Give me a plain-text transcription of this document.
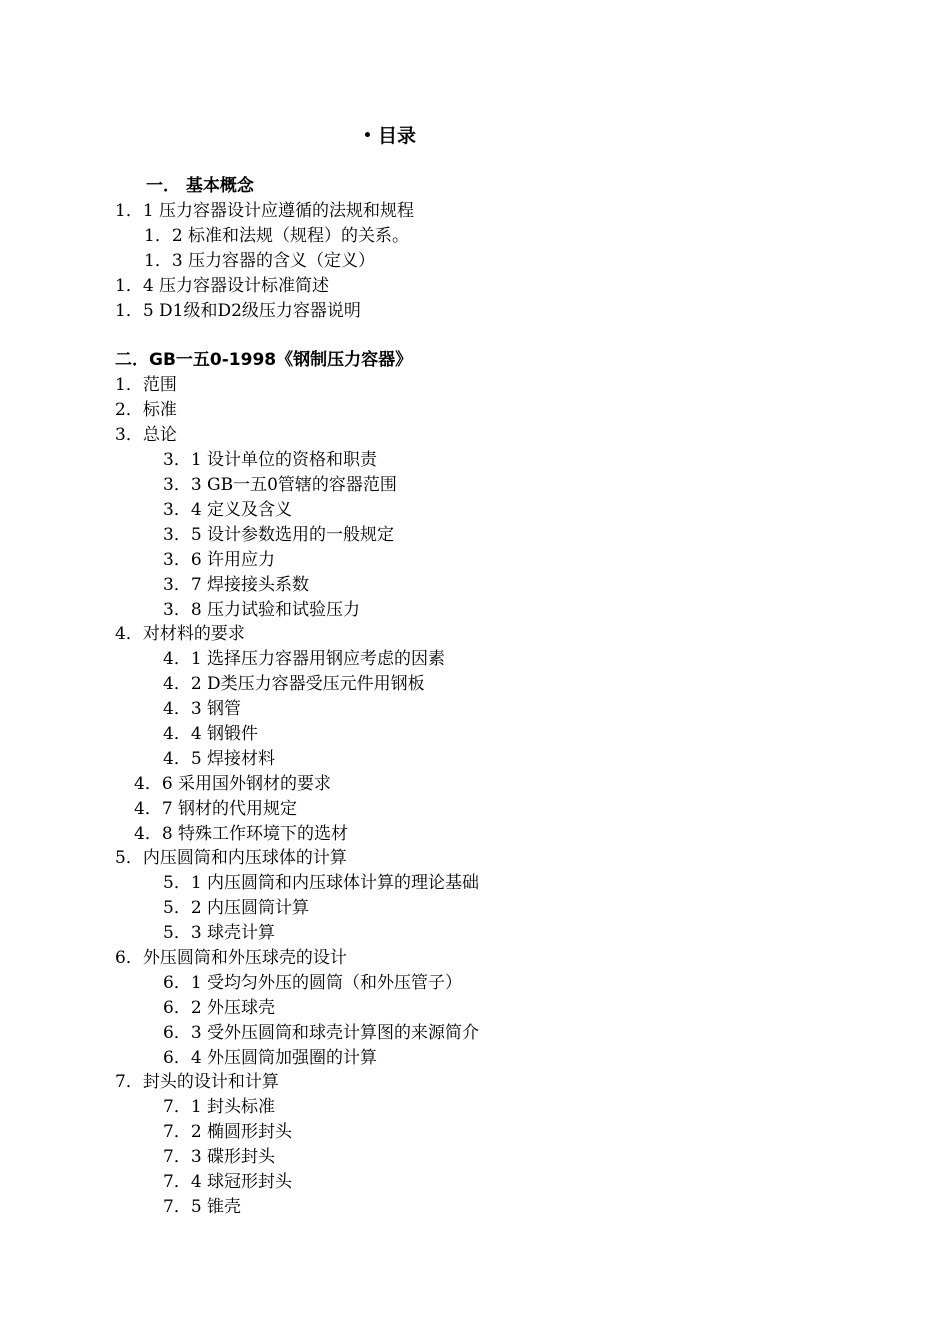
• 目录
一． 基本概念
1．1 压力容器设计应遵循的法规和规程
1．2 标准和法规（规程）的关系。
1．3 压力容器的含义（定义）
1．4 压力容器设计标准简述
1．5 D1级和D2级压力容器说明
二．GB一五0-1998《钢制压力容器》
1．范围
2．标准
3．总论
3．1 设计单位的资格和职责
3．3 GB一五0管辖的容器范围
3．4 定义及含义
3．5 设计参数选用的一般规定
3．6 许用应力
3．7 焊接接头系数
3．8 压力试验和试验压力
4．对材料的要求
4．1 选择压力容器用钢应考虑的因素
4．2 D类压力容器受压元件用钢板
4．3 钢管
4．4 钢锻件
4．5 焊接材料
4．6 采用国外钢材的要求
4．7 钢材的代用规定
4．8 特殊工作环境下的选材
5．内压圆筒和内压球体的计算
5．1 内压圆筒和内压球体计算的理论基础
5．2 内压圆筒计算
5．3 球壳计算
6．外压圆筒和外压球壳的设计
6．1 受均匀外压的圆筒（和外压管子）
6．2 外压球壳
6．3 受外压圆筒和球壳计算图的来源简介
6．4 外压圆筒加强圈的计算
7．封头的设计和计算
7．1 封头标准
7．2 椭圆形封头
7．3 碟形封头
7．4 球冠形封头
7．5 锥壳
